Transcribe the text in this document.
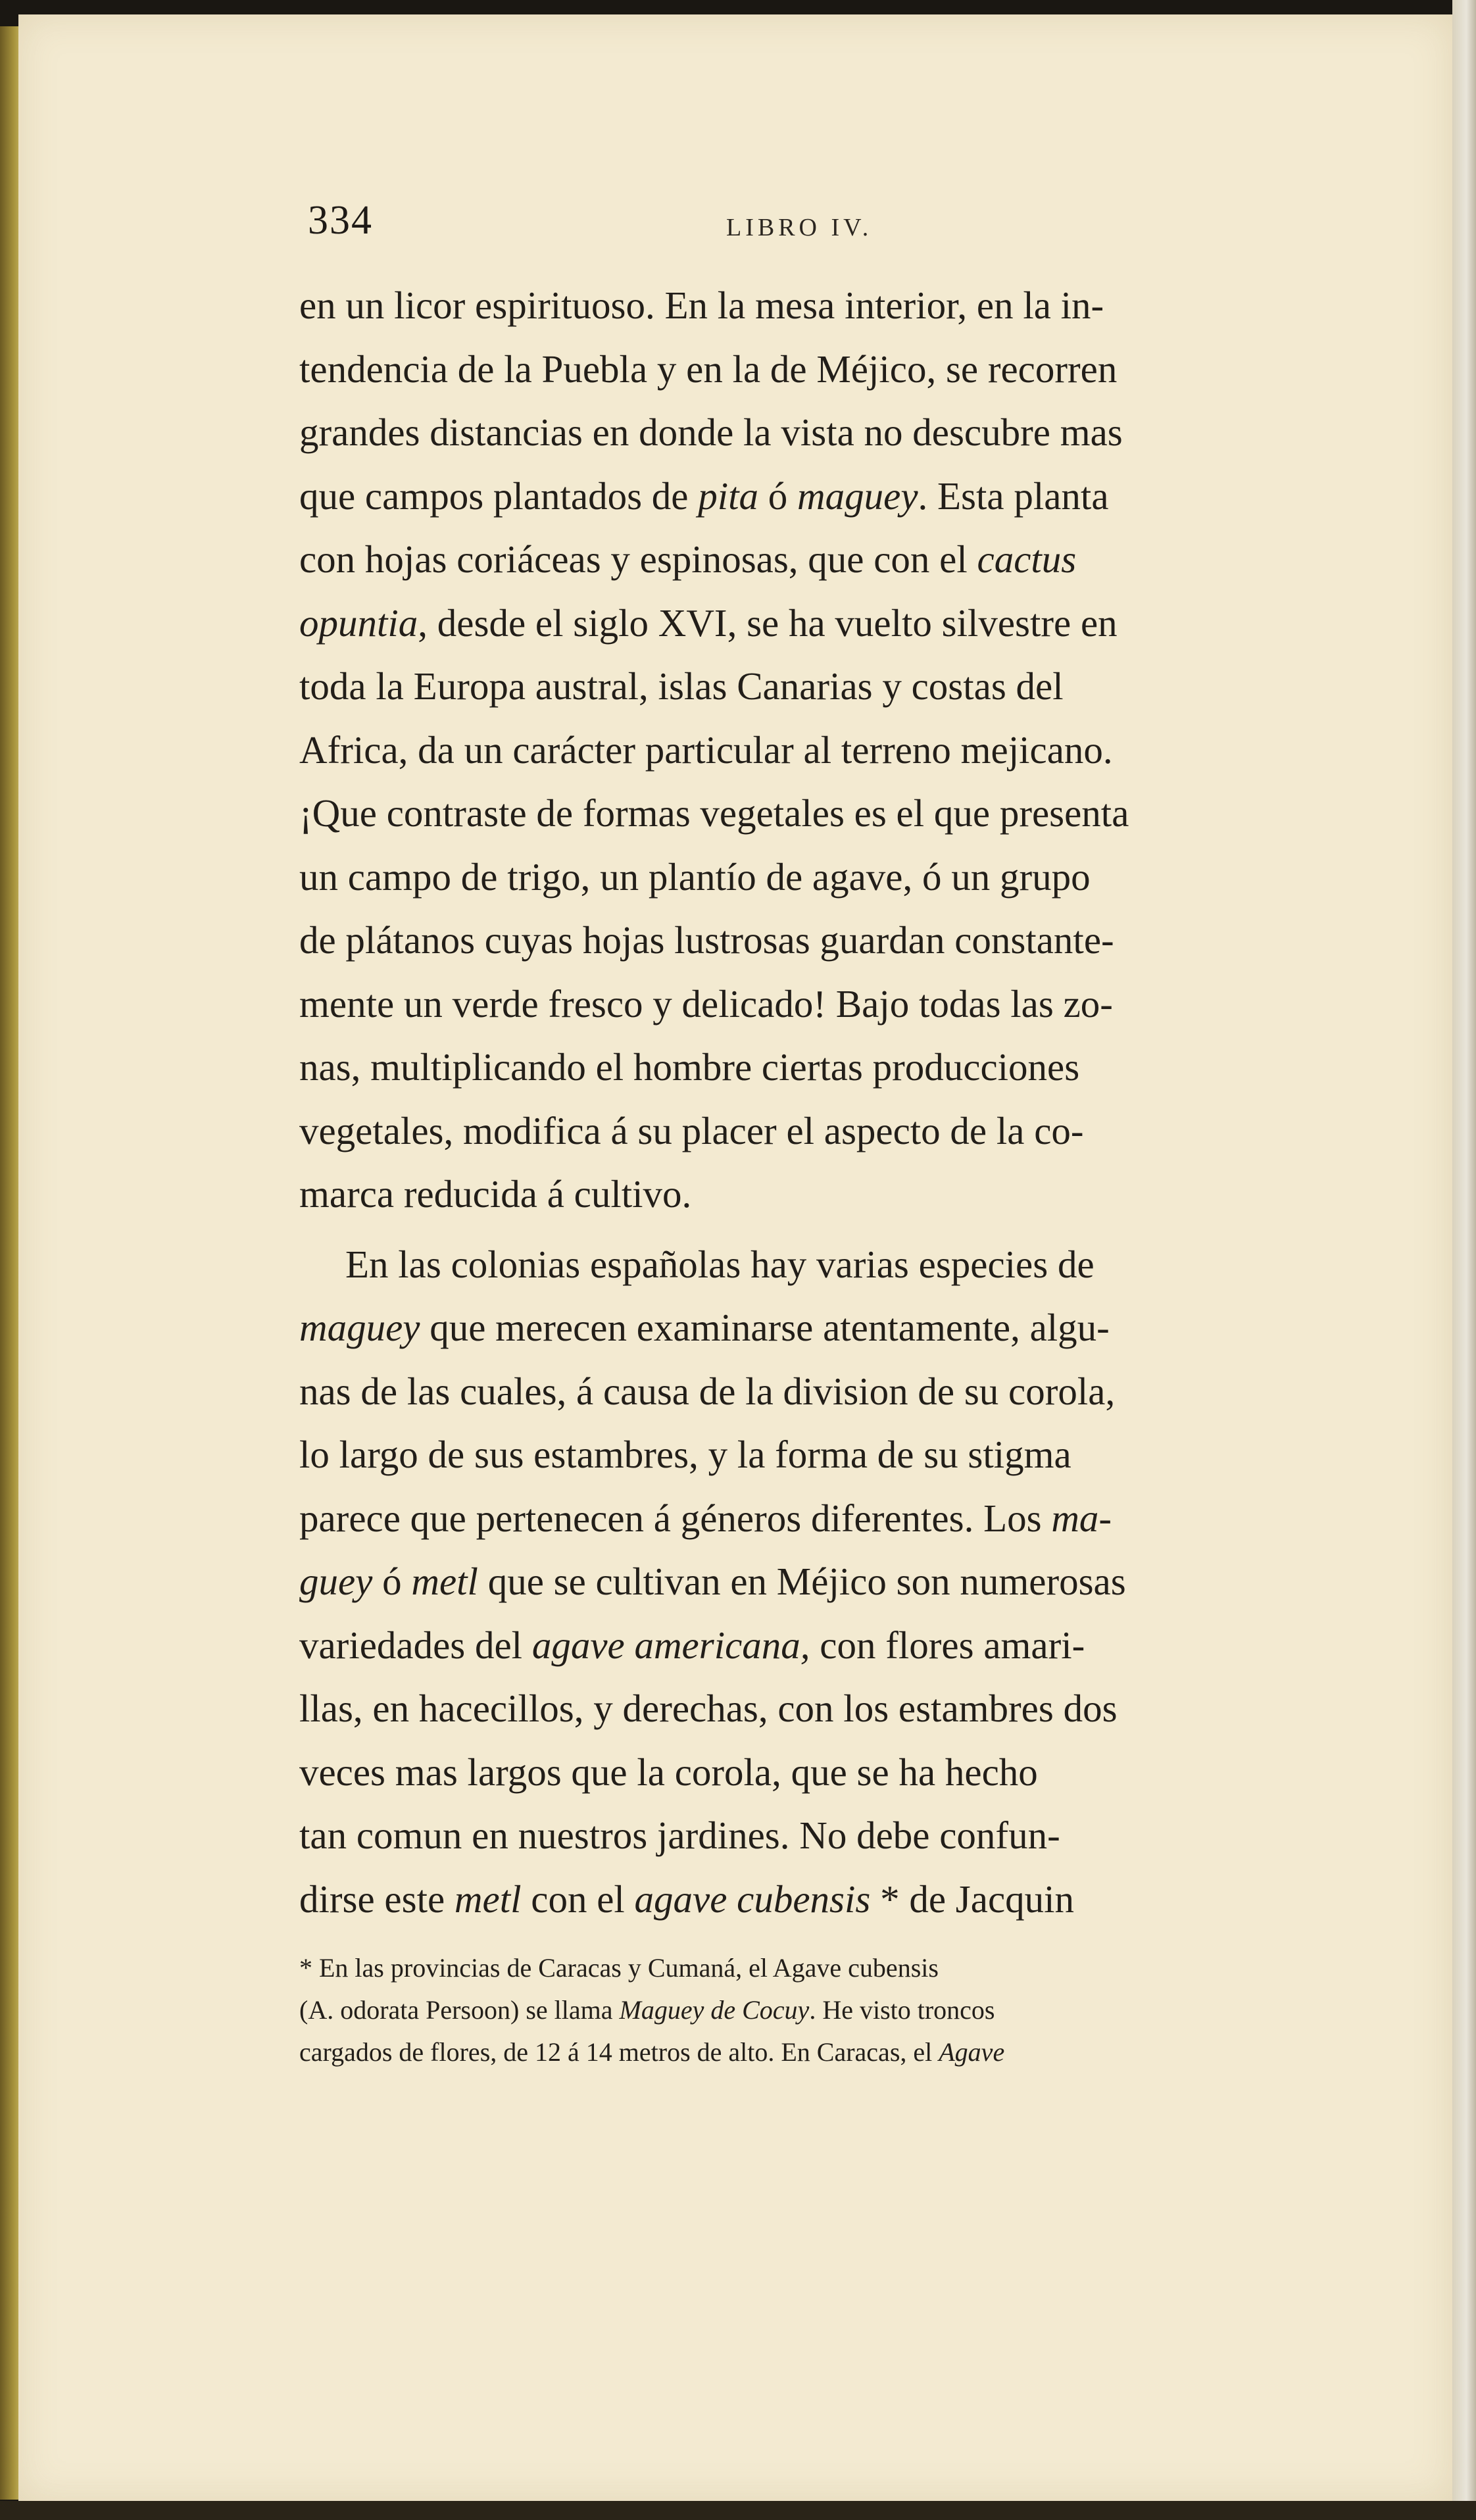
334	LIBRO IV.
en un licor espirituoso. En la mesa interior, en la in-
tendencia de la Puebla y en la de Méjico, se recorren
grandes distancias en donde la vista no descubre mas
que campos plantados de pita ó maguey. Esta planta
con hojas coriáceas y espinosas, que con el cactus
opuntia, desde el siglo XVI, se ha vuelto silvestre en
toda la Europa austral, islas Canarias y costas del
Africa, da un carácter particular al terreno mejicano.
¡Que contraste de formas vegetales es el que presenta
un campo de trigo, un plantío de agave, ó un grupo
de plátanos cuyas hojas lustrosas guardan constante-
mente un verde fresco y delicado! Bajo todas las zo-
nas, multiplicando el hombre ciertas producciones
vegetales, modifica á su placer el aspecto de la co-
marca reducida á cultivo.
En las colonias españolas hay varias especies de
maguey que merecen examinarse atentamente, algu-
nas de las cuales, á causa de la division de su corola,
lo largo de sus estambres, y la forma de su stigma
parece que pertenecen á géneros diferentes. Los ma-
guey ó metl que se cultivan en Méjico son numerosas
variedades del agave americana, con flores amari-
llas, en hacecillos, y derechas, con los estambres dos
veces mas largos que la corola, que se ha hecho
tan comun en nuestros jardines. No debe confun-
dirse este metl con el agave cubensis * de Jacquin
* En las provincias de Caracas y Cumaná, el Agave cubensis
(A. odorata Persoon) se llama Maguey de Cocuy. He visto troncos
cargados de flores, de 12 á 14 metros de alto. En Caracas, el Agave
